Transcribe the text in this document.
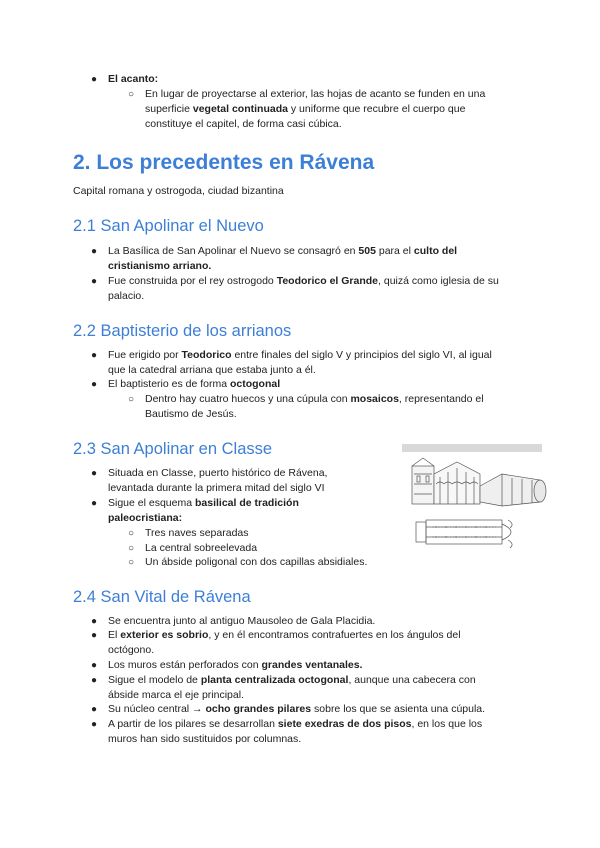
● El acanto:
○ En lugar de proyectarse al exterior, las hojas de acanto se funden en una
superficie vegetal continuada y uniforme que recubre el cuerpo que
constituye el capitel, de forma casi cúbica.
2. Los precedentes en Rávena
Capital romana y ostrogoda, ciudad bizantina
2.1 San Apolinar el Nuevo
● La Basílica de San Apolinar el Nuevo se consagró en 505 para el culto del
cristianismo arriano.
● Fue construida por el rey ostrogodo Teodorico el Grande, quizá como iglesia de su
palacio.
2.2 Baptisterio de los arrianos
● Fue erigido por Teodorico entre finales del siglo V y principios del siglo VI, al igual
que la catedral arriana que estaba junto a él.
● El baptisterio es de forma octogonal
○ Dentro hay cuatro huecos y una cúpula con mosaicos, representando el
Bautismo de Jesús.
2.3 San Apolinar en Classe
● Situada en Classe, puerto histórico de Rávena,
levantada durante la primera mitad del siglo VI
● Sigue el esquema basilical de tradición
paleocristiana:
○ Tres naves separadas
○ La central sobreelevada
○ Un ábside poligonal con dos capillas absidiales.
2.4 San Vital de Rávena
● Se encuentra junto al antiguo Mausoleo de Gala Placidia.
● El exterior es sobrio, y en él encontramos contrafuertes en los ángulos del
octógono.
● Los muros están perforados con grandes ventanales.
● Sigue el modelo de planta centralizada octogonal, aunque una cabecera con
ábside marca el eje principal.
● Su núcleo central → ocho grandes pilares sobre los que se asienta una cúpula.
● A partir de los pilares se desarrollan siete exedras de dos pisos, en los que los
muros han sido sustituidos por columnas.
